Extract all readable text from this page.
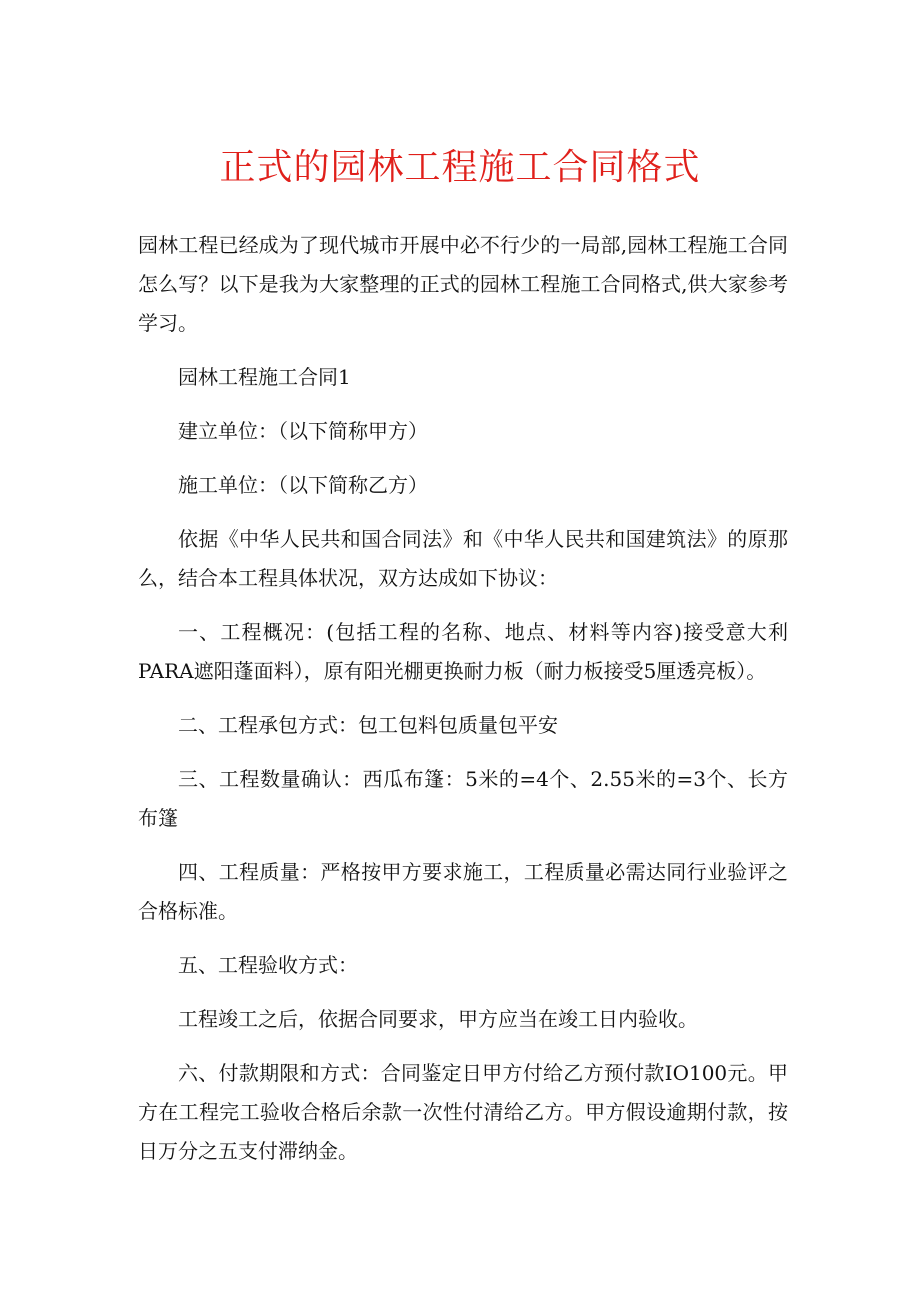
正式的园林工程施工合同格式

园林工程已经成为了现代城市开展中必不行少的一局部,园林工程施工合同怎么写？以下是我为大家整理的正式的园林工程施工合同格式,供大家参考学习。

园林工程施工合同1

建立单位：（以下简称甲方）

施工单位：（以下简称乙方）

依据《中华人民共和国合同法》和《中华人民共和国建筑法》的原那么，结合本工程具体状况，双方达成如下协议：

一、工程概况：(包括工程的名称、地点、材料等内容)接受意大利PARA遮阳蓬面料），原有阳光棚更换耐力板（耐力板接受5厘透亮板）。

二、工程承包方式：包工包料包质量包平安

三、工程数量确认：西瓜布篷：5米的=4个、2.55米的=3个、长方布篷

四、工程质量：严格按甲方要求施工，工程质量必需达同行业验评之合格标准。

五、工程验收方式：

工程竣工之后，依据合同要求，甲方应当在竣工日内验收。

六、付款期限和方式：合同鉴定日甲方付给乙方预付款IO100元。甲方在工程完工验收合格后余款一次性付清给乙方。甲方假设逾期付款，按日万分之五支付滞纳金。
